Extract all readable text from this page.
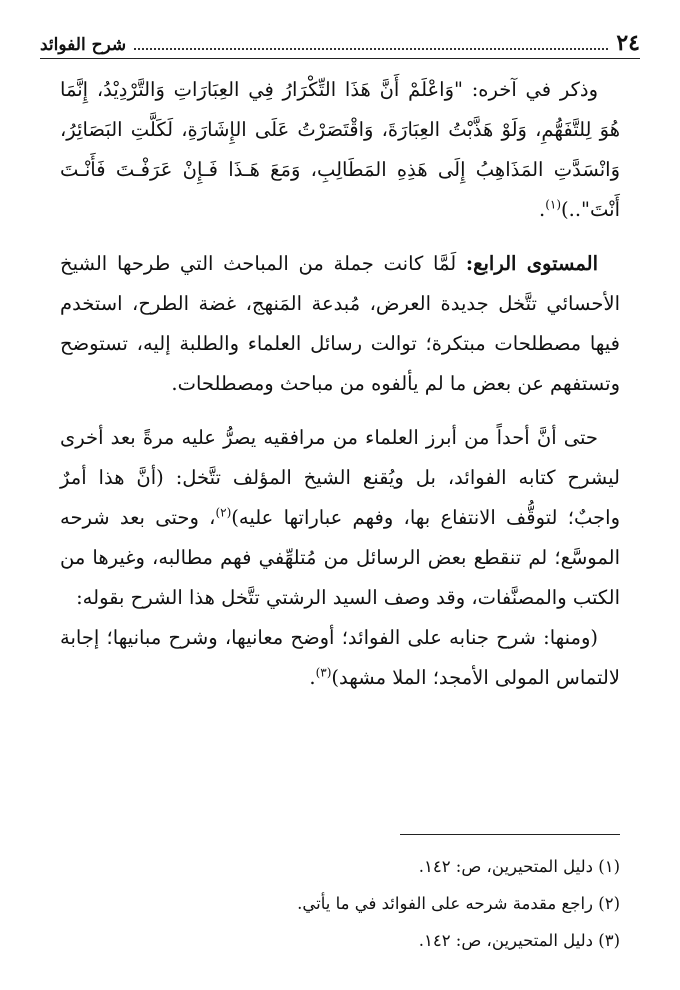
٢٤
شرح الفوائد

وذكر في آخره: "وَاعْلَمْ أَنَّ هَذَا التِّكْرَارُ فِي العِبَارَاتِ وَالتَّرْدِيْدُ، إِنَّمَا هُوَ لِلتَّفَهُّمِ، وَلَوْ هَذَّبْتُ العِبَارَةَ، وَاقْتَصَرْتُ عَلَى الإِشَارَةِ، لَكَلَّتِ البَصَائِرُ، وَانْسَدَّتِ المَذَاهِبُ إِلَى هَذِهِ المَطَالِبِ، وَمَعَ هَـذَا فَـإِنْ عَرَفْـتَ فَأَنْـتَ أَنْتَ"..)$^{(١)}$.

المستوى الرابع: لَمَّا كانت جملة من المباحث التي طرحها الشيخ الأحسائي تتَّخل جديدة العرض، مُبدعة المَنهج، غضة الطرح، استخدم فيها مصطلحات مبتكرة؛ توالت رسائل العلماء والطلبة إليه، تستوضح وتستفهم عن بعض ما لم يألفوه من مباحث ومصطلحات.

حتى أنَّ أحداً من أبرز العلماء من مرافقيه يصرُّ عليه مرةً بعد أخرى ليشرح كتابه الفوائد، بل ويُقنع الشيخ المؤلف تتَّخل: (أنَّ هذا أمرٌ واجبٌ؛ لتوقُّف الانتفاع بها، وفهم عباراتها عليه)$^{(٢)}$، وحتى بعد شرحه الموسَّع؛ لم تنقطع بعض الرسائل من مُتلهِّفي فهم مطالبه، وغيرها من الكتب والمصنَّفات، وقد وصف السيد الرشتي تتَّخل هذا الشرح بقوله:

(ومنها: شرح جنابه على الفوائد؛ أوضح معانيها، وشرح مبانيها؛ إجابة لالتماس المولى الأمجد؛ الملا مشهد)$^{(٣)}$.

(١) دليل المتحيرين، ص: ١٤٢.

(٢) راجع مقدمة شرحه على الفوائد في ما يأتي.

(٣) دليل المتحيرين، ص: ١٤٢.
